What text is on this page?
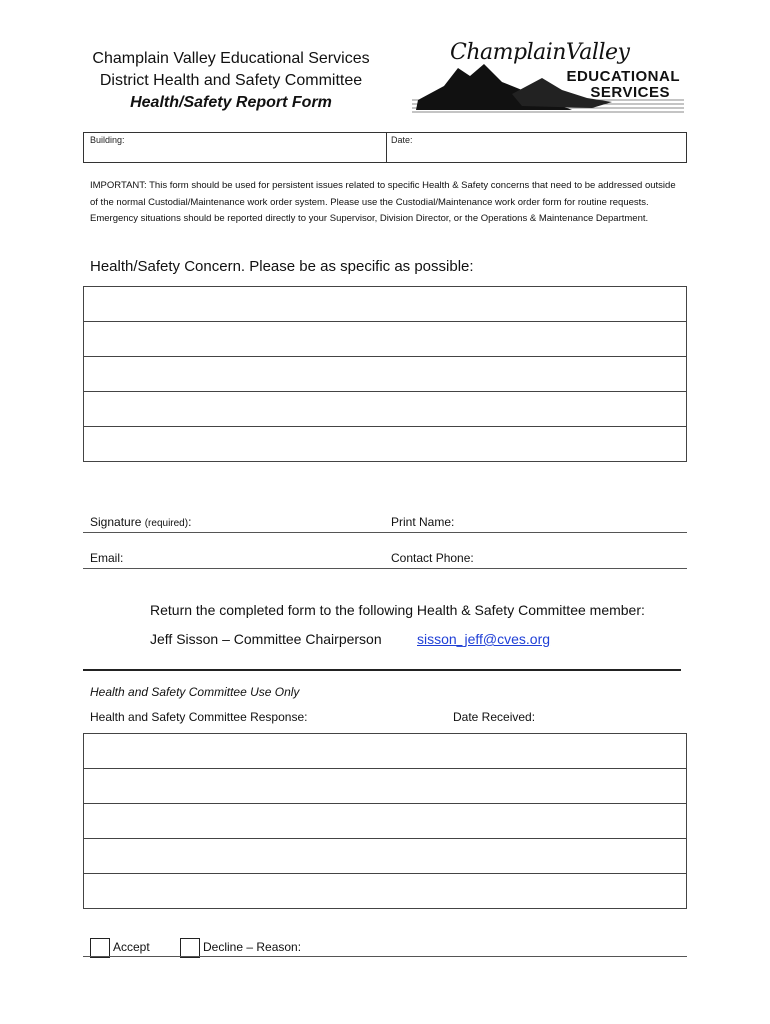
Champlain Valley Educational Services
District Health and Safety Committee
Health/Safety Report Form
ChamplainValley
EDUCATIONAL
SERVICES
Building:	Date:
IMPORTANT: This form should be used for persistent issues related to specific Health & Safety concerns that need to be addressed outside of the normal Custodial/Maintenance work order system. Please use the Custodial/Maintenance work order form for routine requests. Emergency situations should be reported directly to your Supervisor, Division Director, or the Operations & Maintenance Department.
Health/Safety Concern. Please be as specific as possible:
Signature (required):	Print Name:
Email:	Contact Phone:
Return the completed form to the following Health & Safety Committee member:
Jeff Sisson – Committee Chairperson	sisson_jeff@cves.org
Health and Safety Committee Use Only
Health and Safety Committee Response:	Date Received:
Accept	Decline – Reason:
